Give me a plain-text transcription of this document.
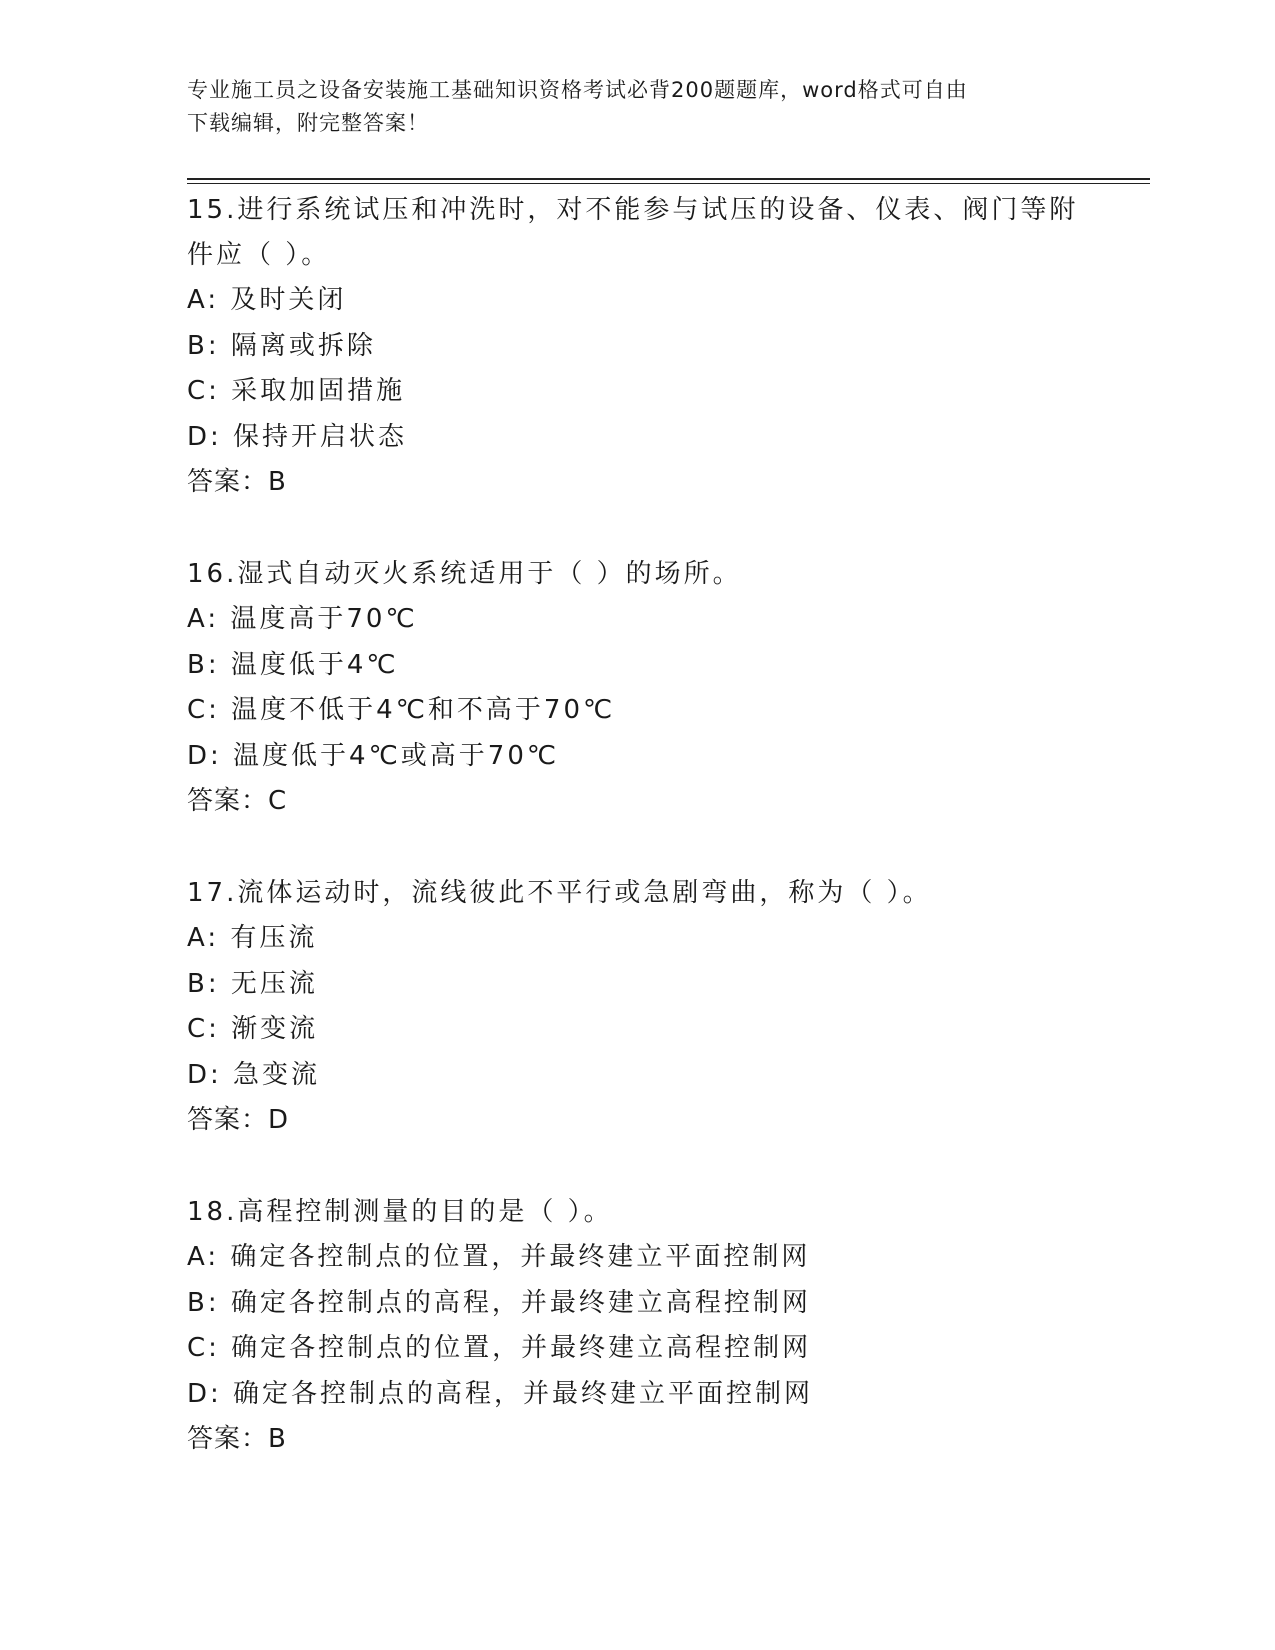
专业施工员之设备安装施工基础知识资格考试必背200题题库，word格式可自由
下载编辑，附完整答案！

15.进行系统试压和冲洗时，对不能参与试压的设备、仪表、阀门等附

件应（ ）。

A: 及时关闭

B: 隔离或拆除

C: 采取加固措施

D: 保持开启状态

答案：B

16.湿式自动灭火系统适用于（ ）的场所。

A: 温度高于70℃

B: 温度低于4℃

C: 温度不低于4℃和不高于70℃

D: 温度低于4℃或高于70℃

答案：C

17.流体运动时，流线彼此不平行或急剧弯曲，称为（ ）。

A: 有压流

B: 无压流

C: 渐变流

D: 急变流

答案：D

18.高程控制测量的目的是（ ）。

A: 确定各控制点的位置，并最终建立平面控制网

B: 确定各控制点的高程，并最终建立高程控制网

C: 确定各控制点的位置，并最终建立高程控制网

D: 确定各控制点的高程，并最终建立平面控制网

答案：B
